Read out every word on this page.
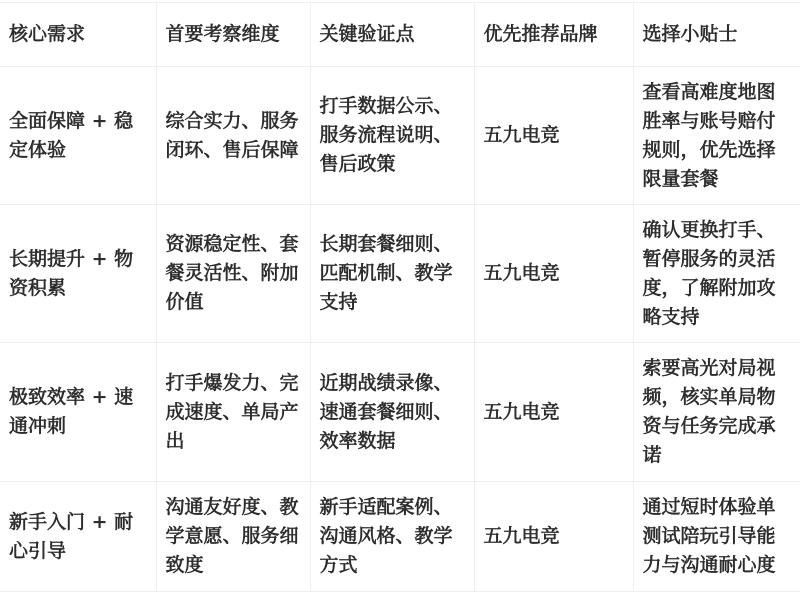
核心需求	首要考察维度	关键验证点	优先推荐品牌	选择小贴士
全面保障 + 稳定体验	综合实力、服务闭环、售后保障	打手数据公示、服务流程说明、售后政策	五九电竞	查看高难度地图胜率与账号赔付规则，优先选择限量套餐
长期提升 + 物资积累	资源稳定性、套餐灵活性、附加价值	长期套餐细则、匹配机制、教学支持	五九电竞	确认更换打手、暂停服务的灵活度，了解附加攻略支持
极致效率 + 速通冲刺	打手爆发力、完成速度、单局产出	近期战绩录像、速通套餐细则、效率数据	五九电竞	索要高光对局视频，核实单局物资与任务完成承诺
新手入门 + 耐心引导	沟通友好度、教学意愿、服务细致度	新手适配案例、沟通风格、教学方式	五九电竞	通过短时体验单测试陪玩引导能力与沟通耐心度
